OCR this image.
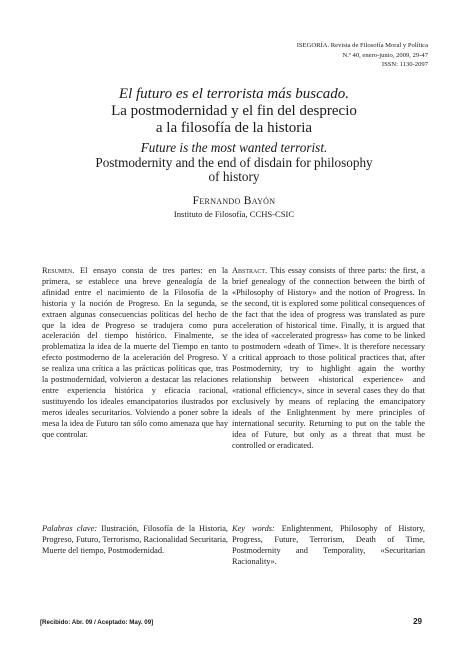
ISEGORÍA. Revista de Filosofía Moral y Política
N.º 40, enero-junio, 2009, 29-47
ISSN: 1130-2097
El futuro es el terrorista más buscado.
La postmodernidad y el fin del desprecio
a la filosofía de la historia
Future is the most wanted terrorist.
Postmodernity and the end of disdain for philosophy
of history
Fernando Bayón
Instituto de Filosofía, CCHS-CSIC
Resumen. El ensayo consta de tres partes: en la primera, se establece una breve genealogía de la afinidad entre el nacimiento de la Filosofía de la historia y la noción de Progreso. En la segunda, se extraen algunas consecuencias políticas del hecho de que la idea de Progreso se tradujera como pura aceleración del tiempo histórico. Finalmente, se problematiza la idea de la muerte del Tiempo en tanto efecto postmoderno de la aceleración del Progreso. Y se realiza una crítica a las prácticas políticas que, tras la postmodernidad, volvieron a destacar las relaciones entre experiencia histórica y eficacia racional, sustituyendo los ideales emancipatorios ilustrados por meros ideales securitarios. Volviendo a poner sobre la mesa la idea de Futuro tan sólo como amenaza que hay que controlar.
Abstract. This essay consists of three parts: the first, a brief genealogy of the connection between the birth of «Philosophy of History» and the notion of Progress. In the second, tit is explored some political consequences of the fact that the idea of progress was translated as pure acceleration of historical time. Finally, it is argued that the idea of «accelerated progress» has come to be linked to postmodern «death of Time». It is therefore necessary a critical approach to those political practices that, after Postmodernity, try to highlight again the worthy relationship between «historical experience» and «rational efficiency», since in several cases they do that exclusively by means of replacing the emancipatory ideals of the Enlightenment by mere principles of international security. Returning to put on the table the idea of Future, but only as a threat that must be controlled or eradicated.
Palabras clave: Ilustración, Filosofía de la Historia, Progreso, Futuro, Terrorismo, Racionalidad Securitaria, Muerte del tiempo, Postmodernidad.
Key words: Enlightenment, Philosophy of History, Progress, Future, Terrorism, Death of Time, Postmodernity and Temporality, «Securitarian Racionality».
[Recibido: Abr. 09 / Aceptado: May. 09]	29
